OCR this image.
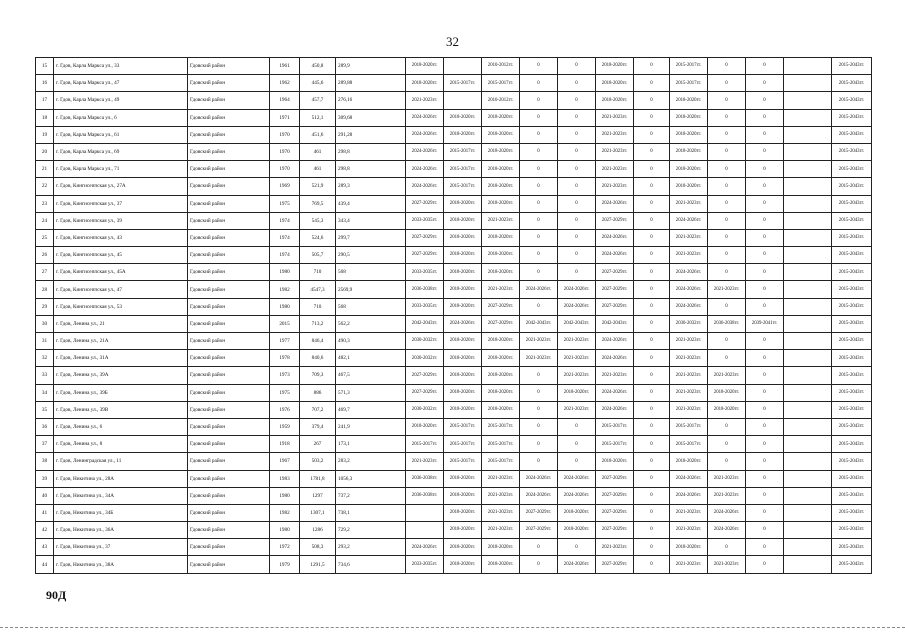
32
15	г. Гдов, Карла Маркса ул., 33	Гдовский район	1961	450,8	289,9	2018-2020гг.		2010-2012гг.	0	0	2018-2020гг.	0	2015-2017гг.	0	0		2015-2043гг.
16	г. Гдов, Карла Маркса ул., 47	Гдовский район	1962	445,6	289,88	2018-2020гг.	2015-2017гг.	2015-2017гг.	0	0	2018-2020гг.	0	2015-2017гг.	0	0		2015-2043гг.
17	г. Гдов, Карла Маркса ул., 49	Гдовский район	1964	457,7	276,16	2021-2023гг.		2010-2012гг.	0	0	2018-2020гг.	0	2018-2020гг.	0	0		2015-2043гг.
18	г. Гдов, Карла Маркса ул., 6	Гдовский район	1971	512,1	309,68	2024-2026гг.	2018-2020гг.	2018-2020гг.	0	0	2021-2023гг.	0	2018-2020гг.	0	0		2015-2043гг.
19	г. Гдов, Карла Маркса ул., 61	Гдовский район	1970	451,6	291,28	2024-2026гг.	2018-2020гг.	2018-2020гг.	0	0	2021-2023гг.	0	2018-2020гг.	0	0		2015-2043гг.
20	г. Гдов, Карла Маркса ул., 69	Гдовский район	1970	461	298,8	2024-2026гг.	2015-2017гг.	2018-2020гг.	0	0	2021-2023гг.	0	2018-2020гг.	0	0		2015-2043гг.
21	г. Гдов, Карла Маркса ул., 71	Гдовский район	1970	461	298,8	2024-2026гг.	2015-2017гг.	2018-2020гг.	0	0	2021-2023гг.	0	2018-2020гг.	0	0		2015-2043гг.
22	г. Гдов, Кингисеппская ул., 27А	Гдовский район	1969	521,9	289,3	2024-2026гг.	2015-2017гг.	2018-2020гг.	0	0	2021-2023гг.	0	2018-2020гг.	0	0		2015-2043гг.
23	г. Гдов, Кингисеппская ул., 37	Гдовский район	1975	769,5	439,4	2027-2029гг.	2018-2020гг.	2018-2020гг.	0	0	2024-2026гг.	0	2021-2023гг.	0	0		2015-2043гг.
24	г. Гдов, Кингисеппская ул., 39	Гдовский район	1974	545,3	343,4	2033-2035гг.	2018-2020гг.	2021-2023гг.	0	0	2027-2029гг.	0	2024-2026гг.	0	0		2015-2043гг.
25	г. Гдов, Кингисеппская ул., 43	Гдовский район	1974	524,6	299,7	2027-2029гг.	2018-2020гг.	2018-2020гг.	0	0	2024-2026гг.	0	2021-2023гг.	0	0		2015-2043гг.
26	г. Гдов, Кингисеппская ул., 45	Гдовский район	1974	505,7	290,5	2027-2029гг.	2018-2020гг.	2018-2020гг.	0	0	2024-2026гг.	0	2021-2023гг.	0	0		2015-2043гг.
27	г. Гдов, Кингисеппская ул., 45А	Гдовский район	1980	710	568	2033-2035гг.	2018-2020гг.	2018-2020гг.	0	0	2027-2029гг.	0	2024-2026гг.	0	0		2015-2043гг.
28	г. Гдов, Кингисеппская ул., 47	Гдовский район	1982	4547,3	2569,9	2036-2038гг.	2018-2020гг.	2021-2023гг.	2024-2026гг.	2024-2026гг.	2027-2029гг.	0	2024-2026гг.	2021-2023гг.	0		2015-2043гг.
29	г. Гдов, Кингисеппская ул., 53	Гдовский район	1980	710	568	2033-2035гг.	2018-2020гг.	2027-2029гг.	0	2024-2026гг.	2027-2029гг.	0	2024-2026гг.	0	0		2015-2043гг.
30	г. Гдов, Ленина ул., 21	Гдовский район	2015	713,2	562,2	2042-2043гг.	2024-2026гг.	2027-2029гг.	2042-2043гг.	2042-2043гг.	2042-2043гг.	0	2030-2032гг.	2036-2038гг.	2039-2041гг.		2015-2043гг.
31	г. Гдов, Ленина ул., 21А	Гдовский район	1977	846,4	490,3	2030-2032гг.	2018-2020гг.	2018-2020гг.	2021-2023гг.	2021-2023гг.	2024-2026гг.	0	2021-2023гг.	0	0		2015-2043гг.
32	г. Гдов, Ленина ул., 31А	Гдовский район	1978	840,6	482,1	2030-2032гг.	2018-2020гг.	2018-2020гг.	2021-2023гг.	2021-2023гг.	2024-2026гг.	0	2021-2023гг.	0	0		2015-2043гг.
33	г. Гдов, Ленина ул., 39А	Гдовский район	1973	709,3	467,5	2027-2029гг.	2018-2020гг.	2018-2020гг.	0	2021-2023гг.	2021-2023гг.	0	2021-2023гг.	2021-2023гг.	0		2015-2043гг.
34	г. Гдов, Ленина ул., 39Б	Гдовский район	1975	886	571,3	2027-2029гг.	2018-2020гг.	2018-2020гг.	0	2018-2020гг.	2024-2026гг.	0	2021-2023гг.	2018-2020гг.	0		2015-2043гг.
35	г. Гдов, Ленина ул., 39В	Гдовский район	1976	707,2	469,7	2030-2032гг.	2018-2020гг.	2018-2020гг.	0	2021-2023гг.	2024-2026гг.	0	2021-2023гг.	2018-2020гг.	0		2015-2043гг.
36	г. Гдов, Ленина ул., 6	Гдовский район	1959	379,4	241,9	2018-2020гг.	2015-2017гг.	2015-2017гг.	0	0	2015-2017гг.	0	2015-2017гг.	0	0		2015-2043гг.
37	г. Гдов, Ленина ул., 8	Гдовский район	1918	267	173,1	2015-2017гг.	2015-2017гг.	2015-2017гг.	0	0	2015-2017гг.	0	2015-2017гг.	0	0		2015-2043гг.
38	г. Гдов, Ленинградская ул., 11	Гдовский район	1967	503,2	283,2	2021-2023гг.	2015-2017гг.	2015-2017гг.	0	0	2018-2020гг.	0	2018-2020гг.	0	0		2015-2043гг.
39	г. Гдов, Никитина ул., 28А	Гдовский район	1983	1781,8	1056,3	2036-2038гг.	2018-2020гг.	2021-2023гг.	2024-2026гг.	2024-2026гг.	2027-2029гг.	0	2024-2026гг.	2021-2023гг.	0		2015-2043гг.
40	г. Гдов, Никитина ул., 34А	Гдовский район	1980	1297	737,2	2036-2038гг.	2018-2020гг.	2021-2023гг.	2024-2026гг.	2024-2026гг.	2027-2029гг.	0	2024-2026гг.	2021-2023гг.	0		2015-2043гг.
41	г. Гдов, Никитина ул., 34Б	Гдовский район	1982	1307,1	738,1		2018-2020гг.	2021-2023гг.	2027-2029гг.	2018-2020гг.	2027-2029гг.	0	2021-2023гг.	2024-2026гг.	0		2015-2043гг.
42	г. Гдов, Никитина ул., 36А	Гдовский район	1980	1286	729,2		2018-2020гг.	2021-2023гг.	2027-2029гг.	2018-2020гг.	2027-2029гг.	0	2021-2023гг.	2024-2026гг.	0		2015-2043гг.
43	г. Гдов, Никитина ул., 37	Гдовский район	1972	508,3	293,2	2024-2026гг.	2018-2020гг.	2018-2020гг.	0	0	2021-2023гг.	0	2018-2020гг.	0	0		2015-2043гг.
44	г. Гдов, Никитина ул., 38А	Гдовский район	1979	1291,5	734,6	2033-2035гг.	2018-2020гг.	2018-2020гг.	0	2024-2026гг.	2027-2029гг.	0	2021-2023гг.	2021-2023гг.	0		2015-2043гг.
90Д
